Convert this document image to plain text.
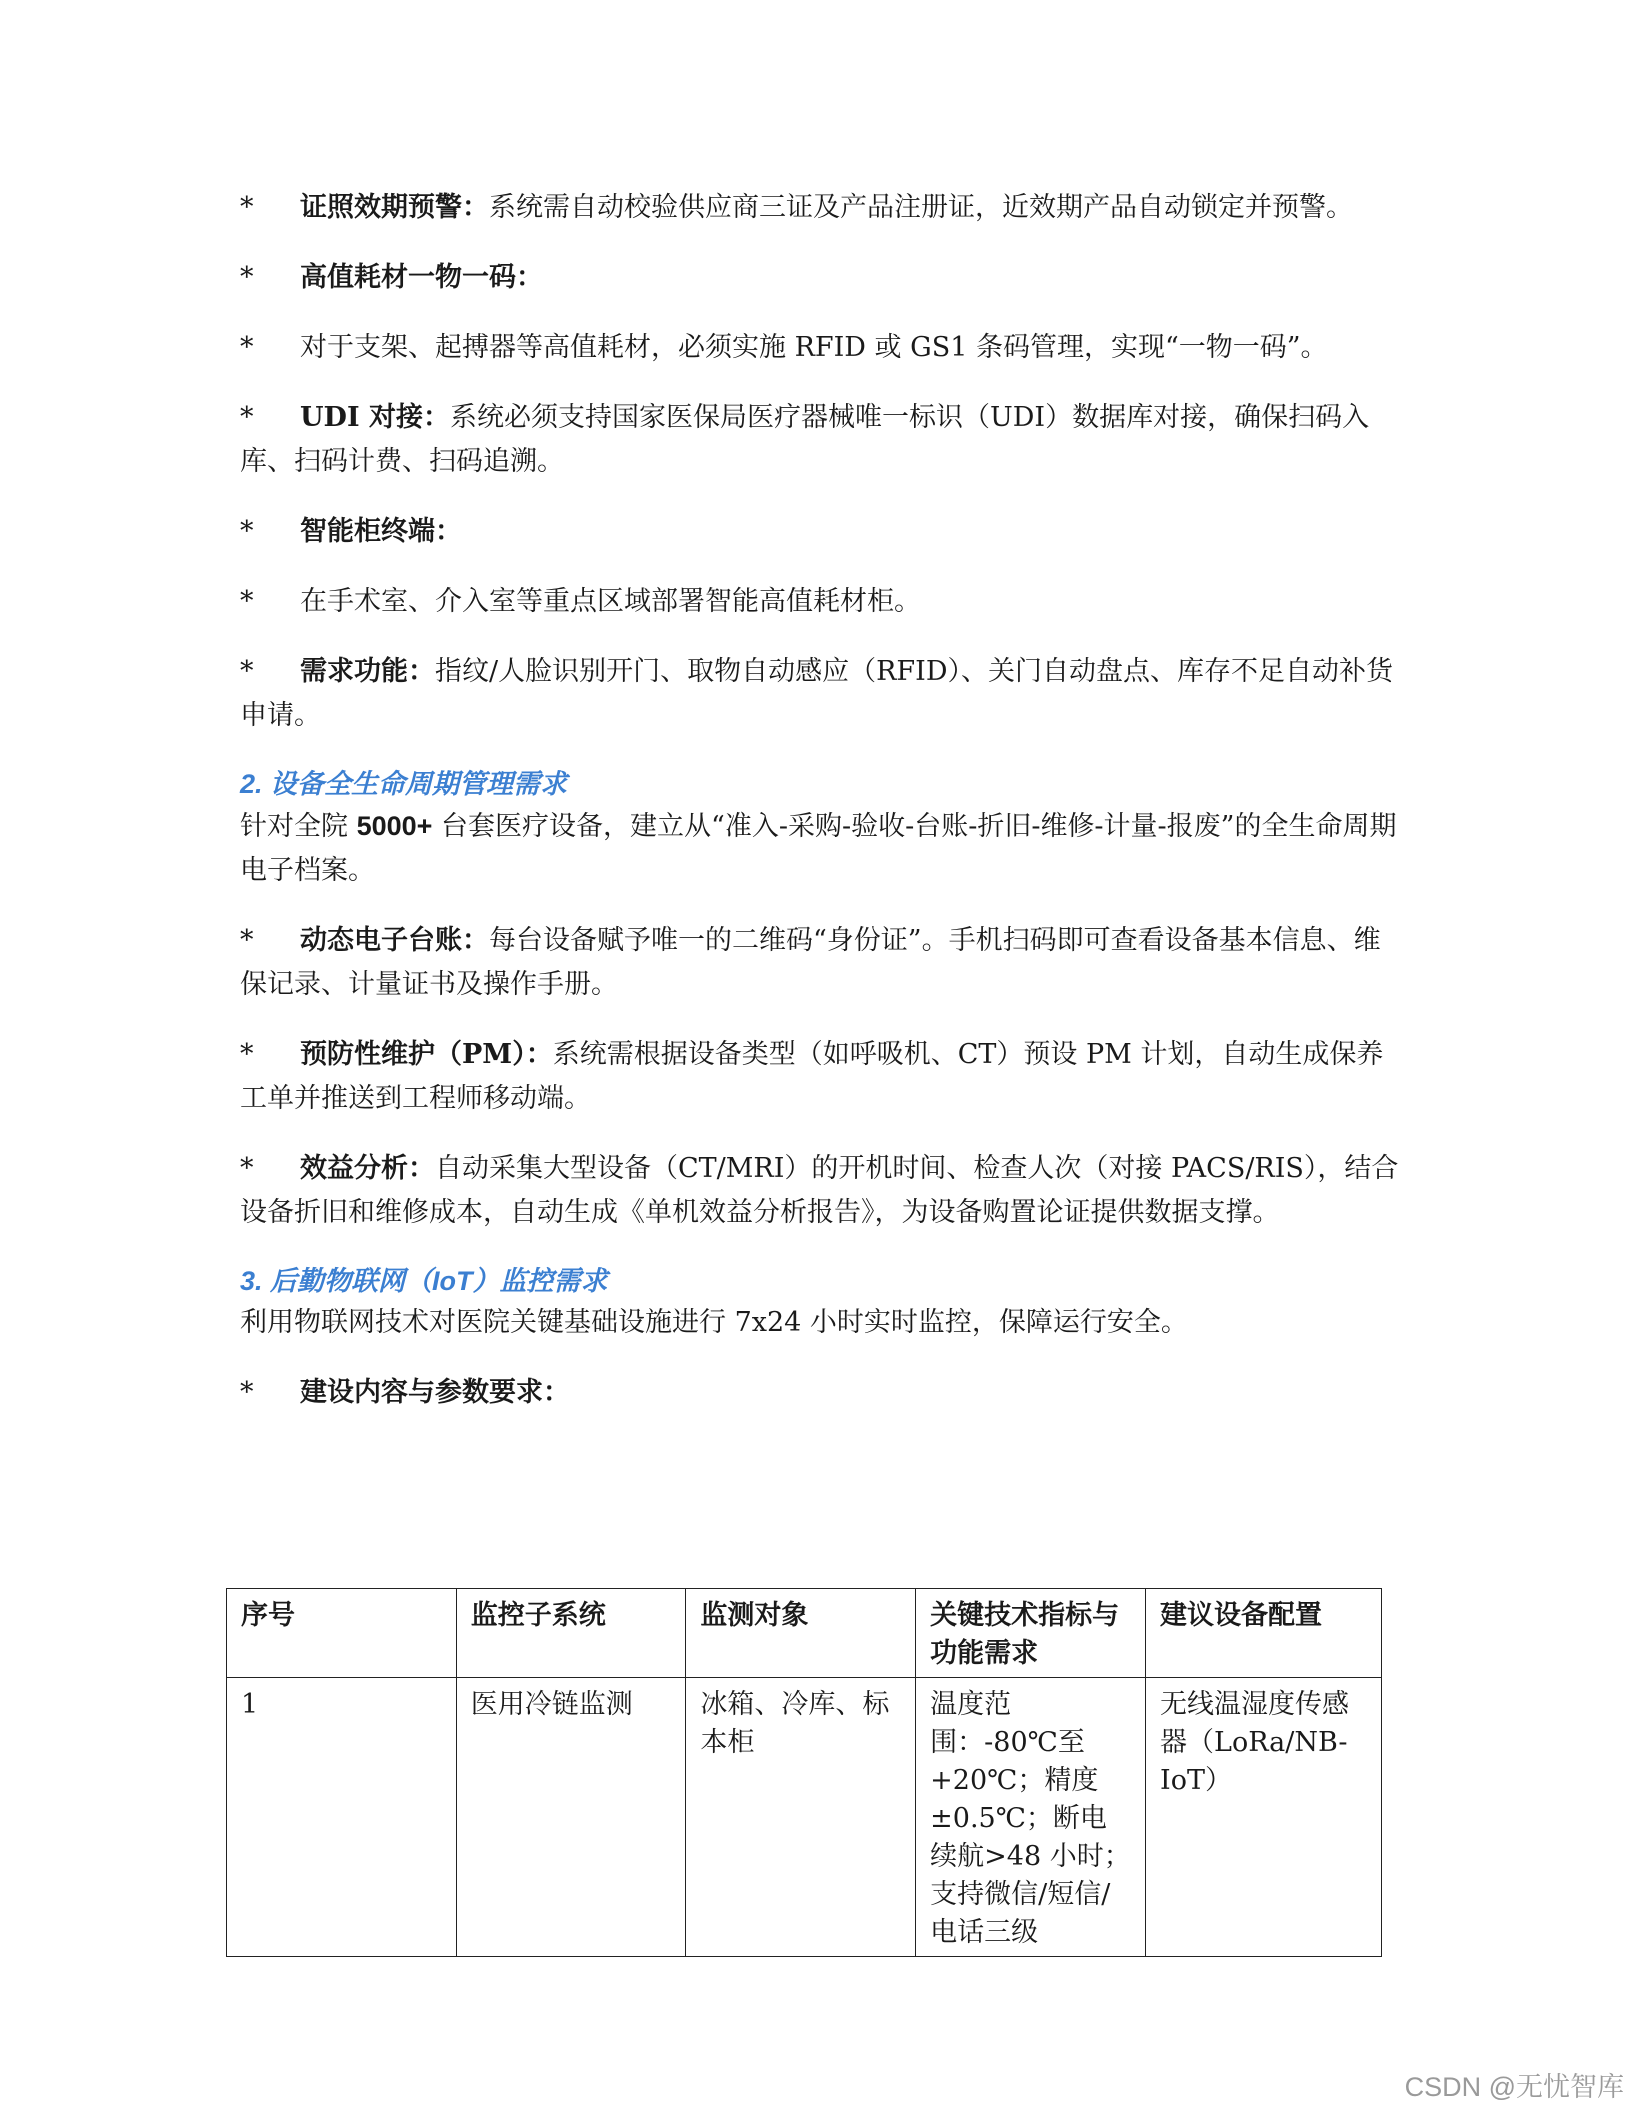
* 证照效期预警：系统需自动校验供应商三证及产品注册证，近效期产品自动锁定并预警。

* 高值耗材一物一码：

* 对于支架、起搏器等高值耗材，必须实施 RFID 或 GS1 条码管理，实现“一物一码”。

* UDI 对接：系统必须支持国家医保局医疗器械唯一标识（UDI）数据库对接，确保扫码入库、扫码计费、扫码追溯。

* 智能柜终端：

* 在手术室、介入室等重点区域部署智能高值耗材柜。

* 需求功能：指纹/人脸识别开门、取物自动感应（RFID）、关门自动盘点、库存不足自动补货申请。

2. 设备全生命周期管理需求

针对全院 5000+ 台套医疗设备，建立从“准入-采购-验收-台账-折旧-维修-计量-报废”的全生命周期电子档案。

* 动态电子台账：每台设备赋予唯一的二维码“身份证”。手机扫码即可查看设备基本信息、维保记录、计量证书及操作手册。

* 预防性维护（PM）：系统需根据设备类型（如呼吸机、CT）预设 PM 计划，自动生成保养工单并推送到工程师移动端。

* 效益分析：自动采集大型设备（CT/MRI）的开机时间、检查人次（对接 PACS/RIS），结合设备折旧和维修成本，自动生成《单机效益分析报告》，为设备购置论证提供数据支撑。

3. 后勤物联网（IoT）监控需求

利用物联网技术对医院关键基础设施进行 7x24 小时实时监控，保障运行安全。

* 建设内容与参数要求：

序号	监控子系统	监测对象	关键技术指标与功能需求	建议设备配置
1	医用冷链监测	冰箱、冷库、标本柜	温度范围：-80℃至+20℃；精度±0.5℃；断电续航>48 小时；支持微信/短信/电话三级	无线温湿度传感器（LoRa/NB-IoT）
CSDN @无忧智库
